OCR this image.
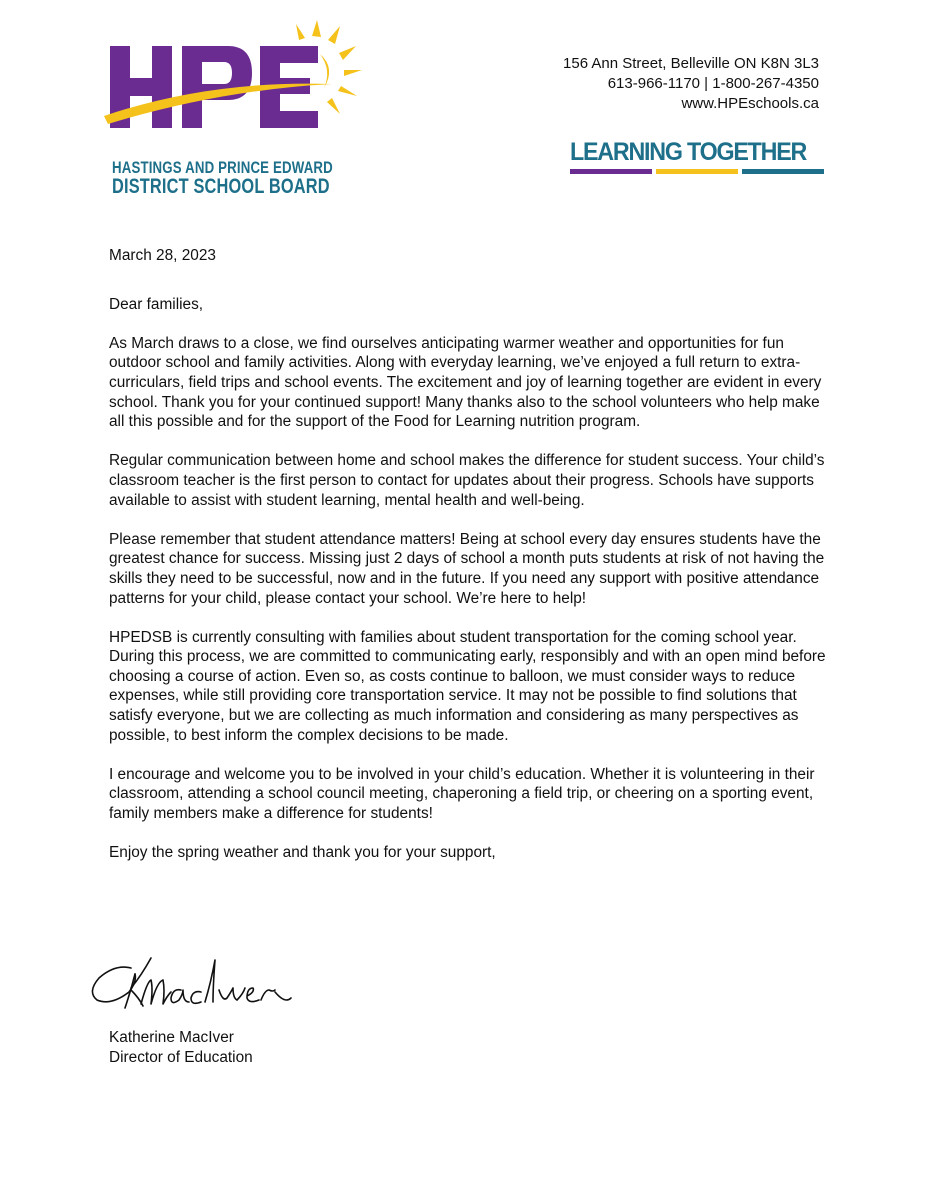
HASTINGS AND PRINCE EDWARD
DISTRICT SCHOOL BOARD
156 Ann Street, Belleville ON K8N 3L3
613-966-1170 | 1-800-267-4350
www.HPEschools.ca
LEARNING TOGETHER

March 28, 2023

Dear families,

As March draws to a close, we find ourselves anticipating warmer weather and opportunities for fun outdoor school and family activities. Along with everyday learning, we’ve enjoyed a full return to extra-curriculars, field trips and school events. The excitement and joy of learning together are evident in every school. Thank you for your continued support! Many thanks also to the school volunteers who help make all this possible and for the support of the Food for Learning nutrition program.

Regular communication between home and school makes the difference for student success. Your child’s classroom teacher is the first person to contact for updates about their progress. Schools have supports available to assist with student learning, mental health and well-being.

Please remember that student attendance matters! Being at school every day ensures students have the greatest chance for success. Missing just 2 days of school a month puts students at risk of not having the skills they need to be successful, now and in the future. If you need any support with positive attendance patterns for your child, please contact your school. We’re here to help!

HPEDSB is currently consulting with families about student transportation for the coming school year. During this process, we are committed to communicating early, responsibly and with an open mind before choosing a course of action. Even so, as costs continue to balloon, we must consider ways to reduce expenses, while still providing core transportation service. It may not be possible to find solutions that satisfy everyone, but we are collecting as much information and considering as many perspectives as possible, to best inform the complex decisions to be made.

I encourage and welcome you to be involved in your child’s education. Whether it is volunteering in their classroom, attending a school council meeting, chaperoning a field trip, or cheering on a sporting event, family members make a difference for students!

Enjoy the spring weather and thank you for your support,

Katherine MacIver
Director of Education
